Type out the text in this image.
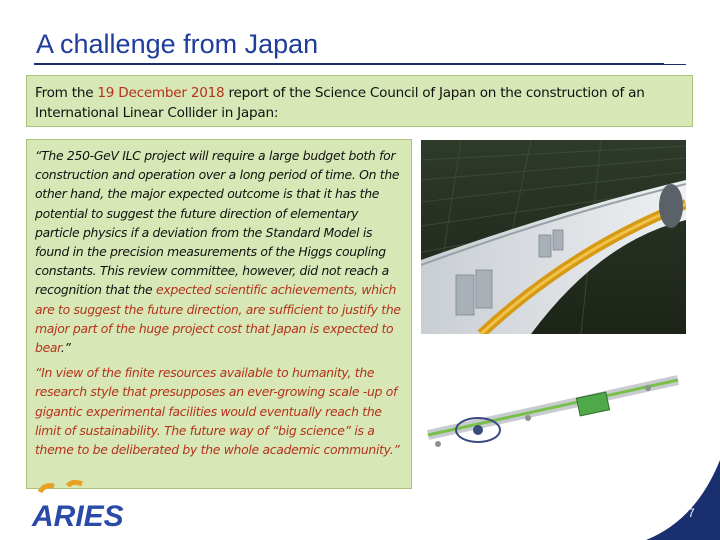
A challenge from Japan
From the 19 December 2018 report of the Science Council of Japan on the construction of an International Linear Collider in Japan:

“The 250-GeV ILC project will require a large budget both for construction and operation over a long period of time. On the other hand, the major expected outcome is that it has the potential to suggest the future direction of elementary particle physics if a deviation from the Standard Model is found in the precision measurements of the Higgs coupling constants. This review committee, however, did not reach a recognition that the expected scientific achievements, which are to suggest the future direction, are sufficient to justify the major part of the huge project cost that Japan is expected to bear.”

“In view of the finite resources available to humanity, the research style that presupposes an ever-growing scale -up of gigantic experimental facilities would eventually reach the limit of sustainability. The future way of “big science” is a theme to be deliberated by the whole academic community.”

ARIES	7
